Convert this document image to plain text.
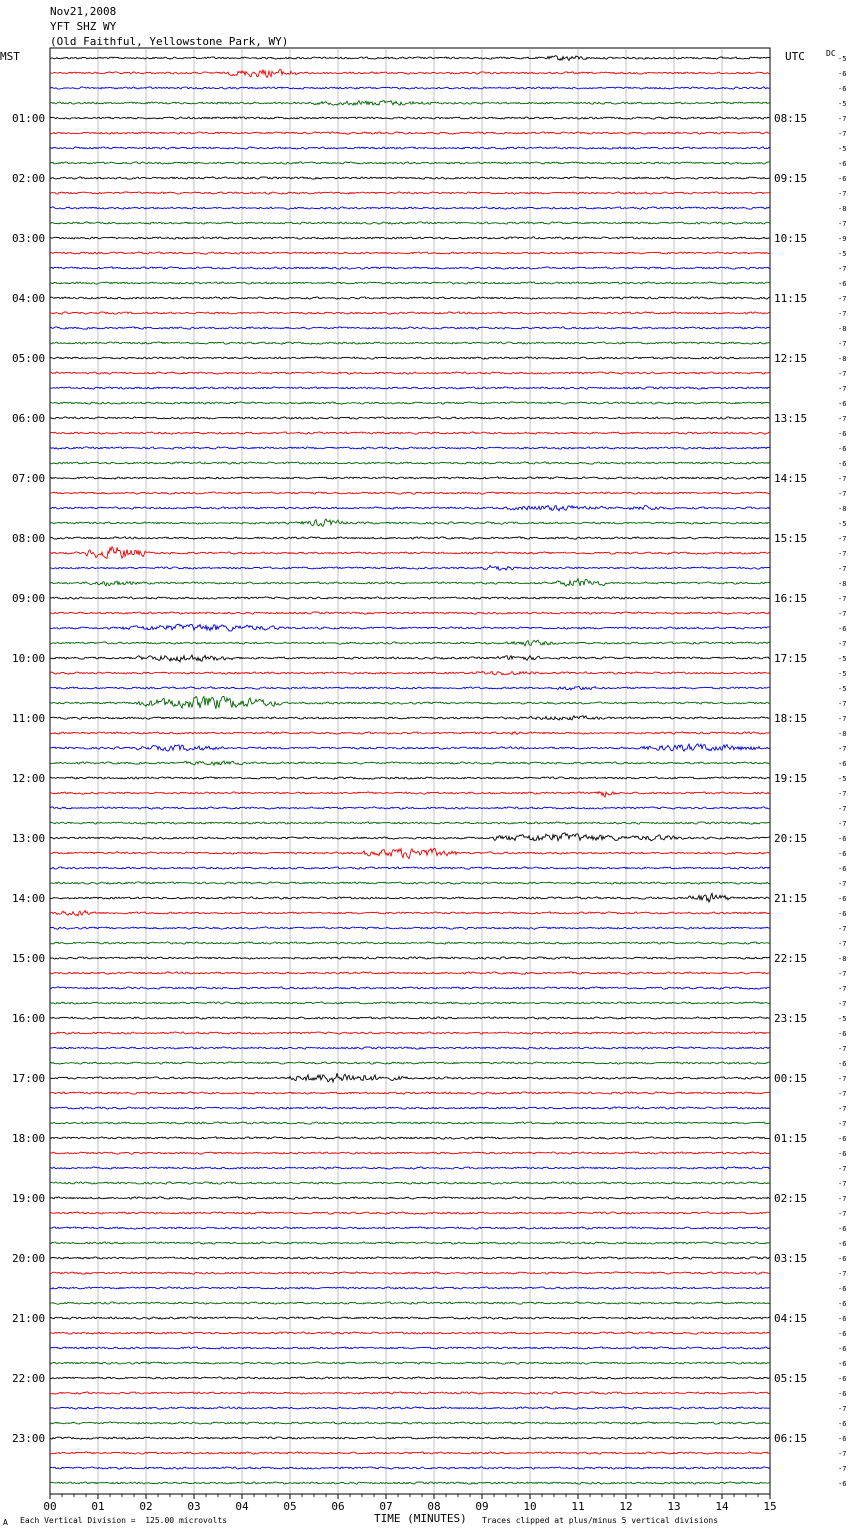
Nov21,2008
YFT SHZ WY
(Old Faithful, Yellowstone Park, WY)
MST	UTC	DC
-5
-6
-6
-5
-7
-7
-5
-6
-6
-7
-8
-7
-9
-5
-7
-6
-7
-7
-8
-7
-8
-7
-7
-6
-7
-6
-6
-6
-7
-7
-8
-5
-7
-7
-7
-8
-7
-7
-6
-7
-5
-5
-5
-7
-7
-8
-7
-6
-5
-7
-7
-7
-6
-6
-6
-7
-6
-6
-7
-7
-8
-7
-7
-7
-5
-6
-7
-6
-7
-7
-7
-7
-6
-6
-7
-7
-7
-7
-6
-6
-6
-7
-6
-6
-6
-6
-6
-6
-6
-6
-7
-6
-6
-7
-7
-6
01:00
02:00
03:00
04:00
05:00
06:00
07:00
08:00
09:00
10:00
11:00
12:00
13:00
14:00
15:00
16:00
17:00
18:00
19:00
20:00
21:00
22:00
23:00
08:15
09:15
10:15
11:15
12:15
13:15
14:15
15:15
16:15
17:15
18:15
19:15
20:15
21:15
22:15
23:15
00:15
01:15
02:15
03:15
04:15
05:15
06:15
00	01	02	03	04	05	06	07	08	09	10	11	12	13	14	15
A Each Vertical Division =  125.00 microvolts	TIME (MINUTES) Traces clipped at plus/minus 5 vertical divisions
